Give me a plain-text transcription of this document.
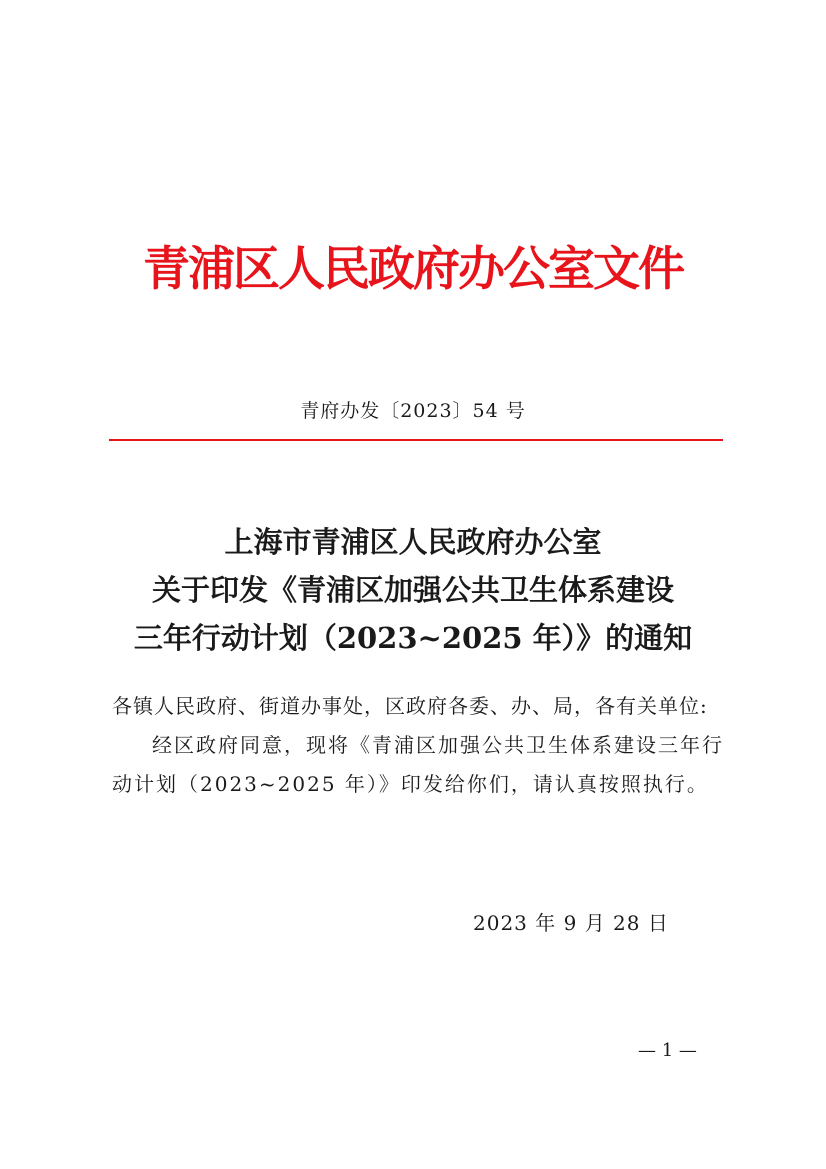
青浦区人民政府办公室文件
青府办发〔2023〕54 号
上海市青浦区人民政府办公室
关于印发《青浦区加强公共卫生体系建设
三年行动计划（2023~2025 年）》的通知
各镇人民政府、街道办事处，区政府各委、办、局，各有关单位:
经区政府同意，现将《青浦区加强公共卫生体系建设三年行动计划（2023~2025 年）》印发给你们，请认真按照执行。
2023 年 9 月 28 日
— 1 —
